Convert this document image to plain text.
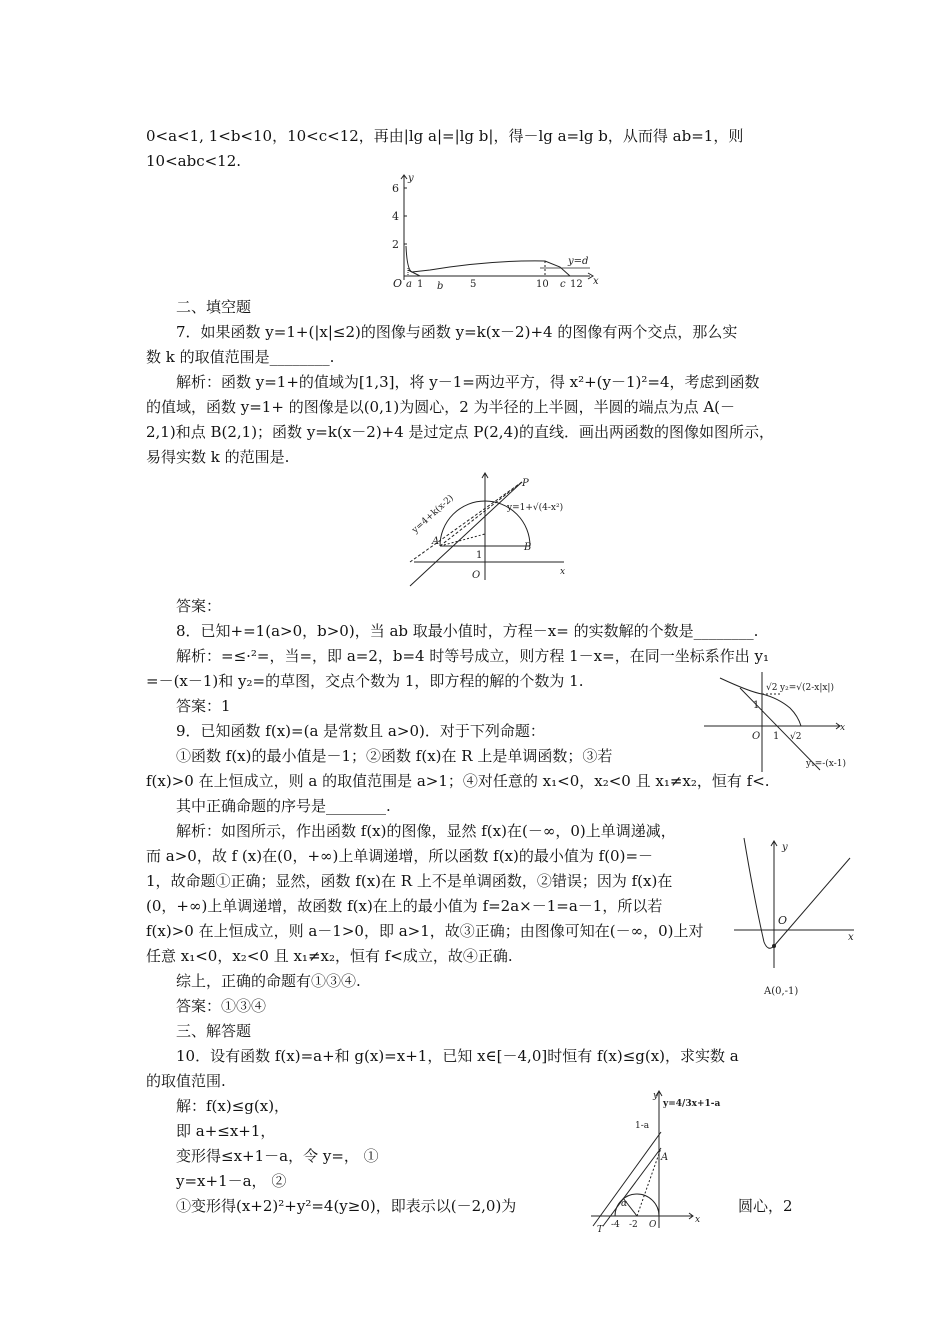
0<a<1, 1<b<10，10<c<12，再由|lg a|=|lg b|，得－lg a=lg b，从而得 ab=1，则
10<abc<12.
二、填空题
7．如果函数 y=1+(|x|≤2)的图像与函数 y=k(x－2)+4 的图像有两个交点，那么实
数 k 的取值范围是________.
解析：函数 y=1+的值域为[1,3]，将 y－1=两边平方，得 x²+(y－1)²=4，考虑到函数
的值域，函数 y=1+ 的图像是以(0,1)为圆心，2 为半径的上半圆，半圆的端点为点 A(－
2,1)和点 B(2,1)；函数 y=k(x－2)+4 是过定点 P(2,4)的直线．画出两函数的图像如图所示，
易得实数 k 的范围是.
答案：
8．已知+=1(a>0，b>0)，当 ab 取最小值时，方程－x= 的实数解的个数是________.
解析：=≤·²=，当=，即 a=2，b=4 时等号成立，则方程 1－x=，在同一坐标系作出 y₁
=－(x－1)和 y₂=的草图，交点个数为 1，即方程的解的个数为 1.
答案：1
9．已知函数 f(x)=(a 是常数且 a>0)．对于下列命题：
①函数 f(x)的最小值是－1；②函数 f(x)在 R 上是单调函数；③若
f(x)>0 在上恒成立，则 a 的取值范围是 a>1；④对任意的 x₁<0，x₂<0 且 x₁≠x₂，恒有 f<.
其中正确命题的序号是________.
解析：如图所示，作出函数 f(x)的图像，显然 f(x)在(－∞，0)上单调递减，
而 a>0，故 f (x)在(0，+∞)上单调递增，所以函数 f(x)的最小值为 f(0)=－
1，故命题①正确；显然，函数 f(x)在 R 上不是单调函数，②错误；因为 f(x)在
(0，+∞)上单调递增，故函数 f(x)在上的最小值为 f=2a×－1=a－1，所以若
f(x)>0 在上恒成立，则 a－1>0，即 a>1，故③正确；由图像可知在(－∞，0)上对
任意 x₁<0，x₂<0 且 x₁≠x₂，恒有 f<成立，故④正确.
综上，正确的命题有①③④.
答案：①③④
三、解答题
10．设有函数 f(x)=a+和 g(x)=x+1，已知 x∈[－4,0]时恒有 f(x)≤g(x)，求实数 a
的取值范围.
解：f(x)≤g(x)，
即 a+≤x+1，
变形得≤x+1－a，令 y=， ①
y=x+1－a， ②
①变形得(x+2)²+y²=4(y≥0)，即表示以(－2,0)为	圆心，2
6
4
2
y
x
O a 1 b	5	10 c 12
y=d
y=4+k(x-2)	y=1+√(4-x²)
P
A
B
1
O	x
√2 y₂=√(2-x|x|)
1
O 1 √2
x
y₁=-(x-1)
y
x
O
A(0,-1)
y=4/3x+1-a
1-a
A
α
-4 -2 O
T
y
x
